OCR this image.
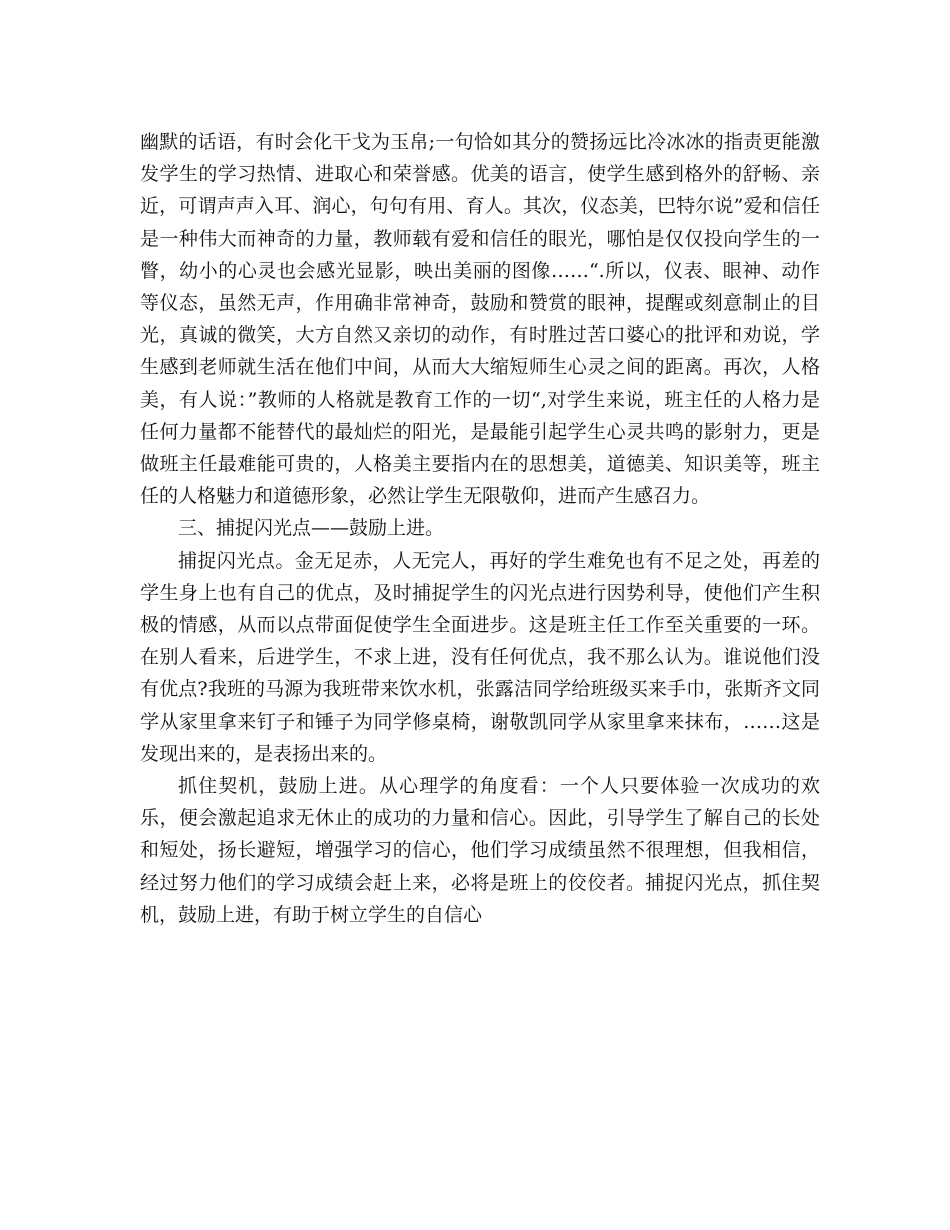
幽默的话语，有时会化干戈为玉帛;一句恰如其分的赞扬远比冷冰冰的指责更能激发学生的学习热情、进取心和荣誉感。优美的语言，使学生感到格外的舒畅、亲近，可谓声声入耳、润心，句句有用、育人。其次，仪态美，巴特尔说”爱和信任是一种伟大而神奇的力量，教师载有爱和信任的眼光，哪怕是仅仅投向学生的一瞥，幼小的心灵也会感光显影，映出美丽的图像……“.所以，仪表、眼神、动作等仪态，虽然无声，作用确非常神奇，鼓励和赞赏的眼神，提醒或刻意制止的目光，真诚的微笑，大方自然又亲切的动作，有时胜过苦口婆心的批评和劝说，学生感到老师就生活在他们中间，从而大大缩短师生心灵之间的距离。再次，人格美，有人说：”教师的人格就是教育工作的一切“,对学生来说，班主任的人格力是任何力量都不能替代的最灿烂的阳光，是最能引起学生心灵共鸣的影射力，更是做班主任最难能可贵的，人格美主要指内在的思想美，道德美、知识美等，班主任的人格魅力和道德形象，必然让学生无限敬仰，进而产生感召力。

三、捕捉闪光点——鼓励上进。

捕捉闪光点。金无足赤，人无完人，再好的学生难免也有不足之处，再差的学生身上也有自己的优点，及时捕捉学生的闪光点进行因势利导，使他们产生积极的情感，从而以点带面促使学生全面进步。这是班主任工作至关重要的一环。在别人看来，后进学生，不求上进，没有任何优点，我不那么认为。谁说他们没有优点?我班的马源为我班带来饮水机，张露洁同学给班级买来手巾，张斯齐文同学从家里拿来钉子和锤子为同学修桌椅，谢敬凯同学从家里拿来抹布，……这是发现出来的，是表扬出来的。

抓住契机，鼓励上进。从心理学的角度看：一个人只要体验一次成功的欢乐，便会激起追求无休止的成功的力量和信心。因此，引导学生了解自己的长处和短处，扬长避短，增强学习的信心，他们学习成绩虽然不很理想，但我相信，经过努力他们的学习成绩会赶上来，必将是班上的佼佼者。捕捉闪光点，抓住契机，鼓励上进，有助于树立学生的自信心
